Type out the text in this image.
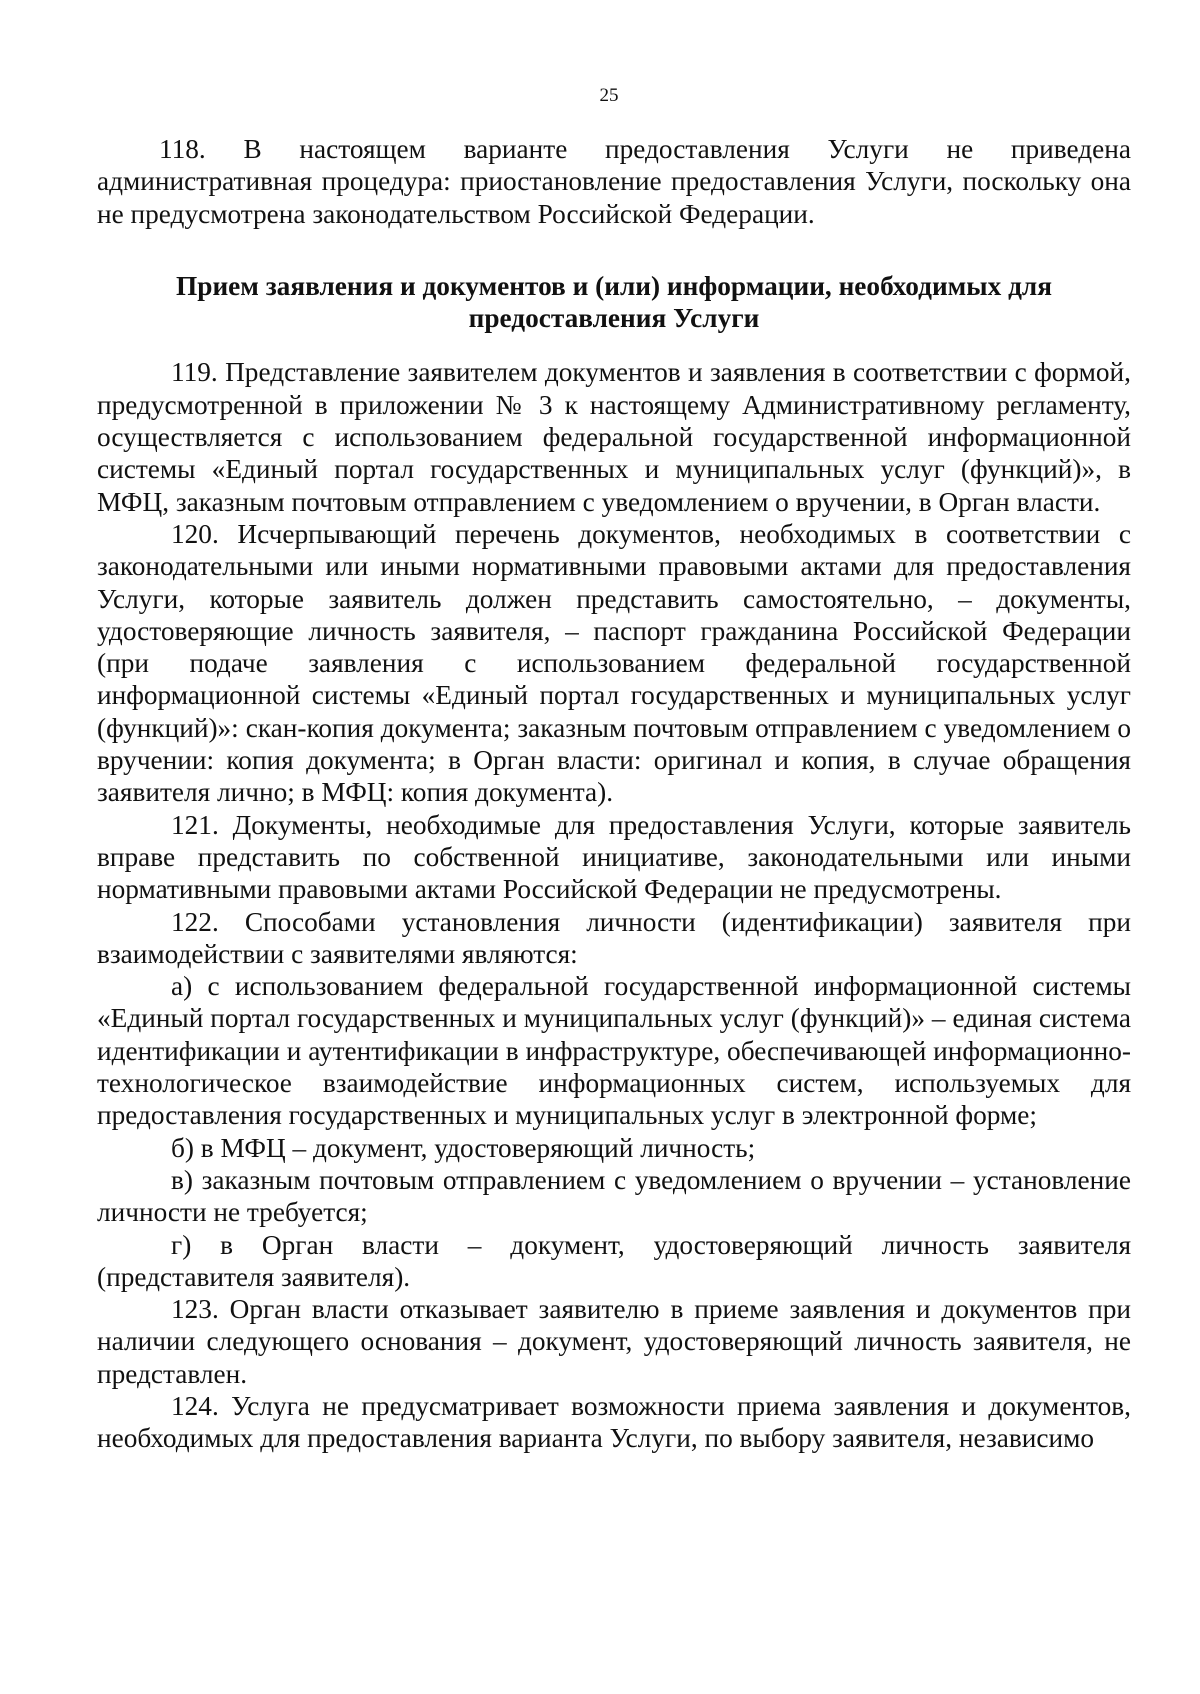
25

118. В настоящем варианте предоставления Услуги не приведена административная процедура: приостановление предоставления Услуги, поскольку она не предусмотрена законодательством Российской Федерации.

Прием заявления и документов и (или) информации, необходимых для предоставления Услуги

119. Представление заявителем документов и заявления в соответствии с формой, предусмотренной в приложении № 3 к настоящему Административному регламенту, осуществляется с использованием федеральной государственной информационной системы «Единый портал государственных и муниципальных услуг (функций)», в МФЦ, заказным почтовым отправлением с уведомлением о вручении, в Орган власти.

120. Исчерпывающий перечень документов, необходимых в соответствии с законодательными или иными нормативными правовыми актами для предоставления Услуги, которые заявитель должен представить самостоятельно, – документы, удостоверяющие личность заявителя, – паспорт гражданина Российской Федерации (при подаче заявления с использованием федеральной государственной информационной системы «Единый портал государственных и муниципальных услуг (функций)»: скан-копия документа; заказным почтовым отправлением с уведомлением о вручении: копия документа; в Орган власти: оригинал и копия, в случае обращения заявителя лично; в МФЦ: копия документа).

121. Документы, необходимые для предоставления Услуги, которые заявитель вправе представить по собственной инициативе, законодательными или иными нормативными правовыми актами Российской Федерации не предусмотрены.

122. Способами установления личности (идентификации) заявителя при взаимодействии с заявителями являются:

а) с использованием федеральной государственной информационной системы «Единый портал государственных и муниципальных услуг (функций)» – единая система идентификации и аутентификации в инфраструктуре, обеспечивающей информационно-технологическое взаимодействие информационных систем, используемых для предоставления государственных и муниципальных услуг в электронной форме;

б) в МФЦ – документ, удостоверяющий личность;

в) заказным почтовым отправлением с уведомлением о вручении – установление личности не требуется;

г) в Орган власти – документ, удостоверяющий личность заявителя (представителя заявителя).

123. Орган власти отказывает заявителю в приеме заявления и документов при наличии следующего основания – документ, удостоверяющий личность заявителя, не представлен.

124. Услуга не предусматривает возможности приема заявления и документов, необходимых для предоставления варианта Услуги, по выбору заявителя, независимо
